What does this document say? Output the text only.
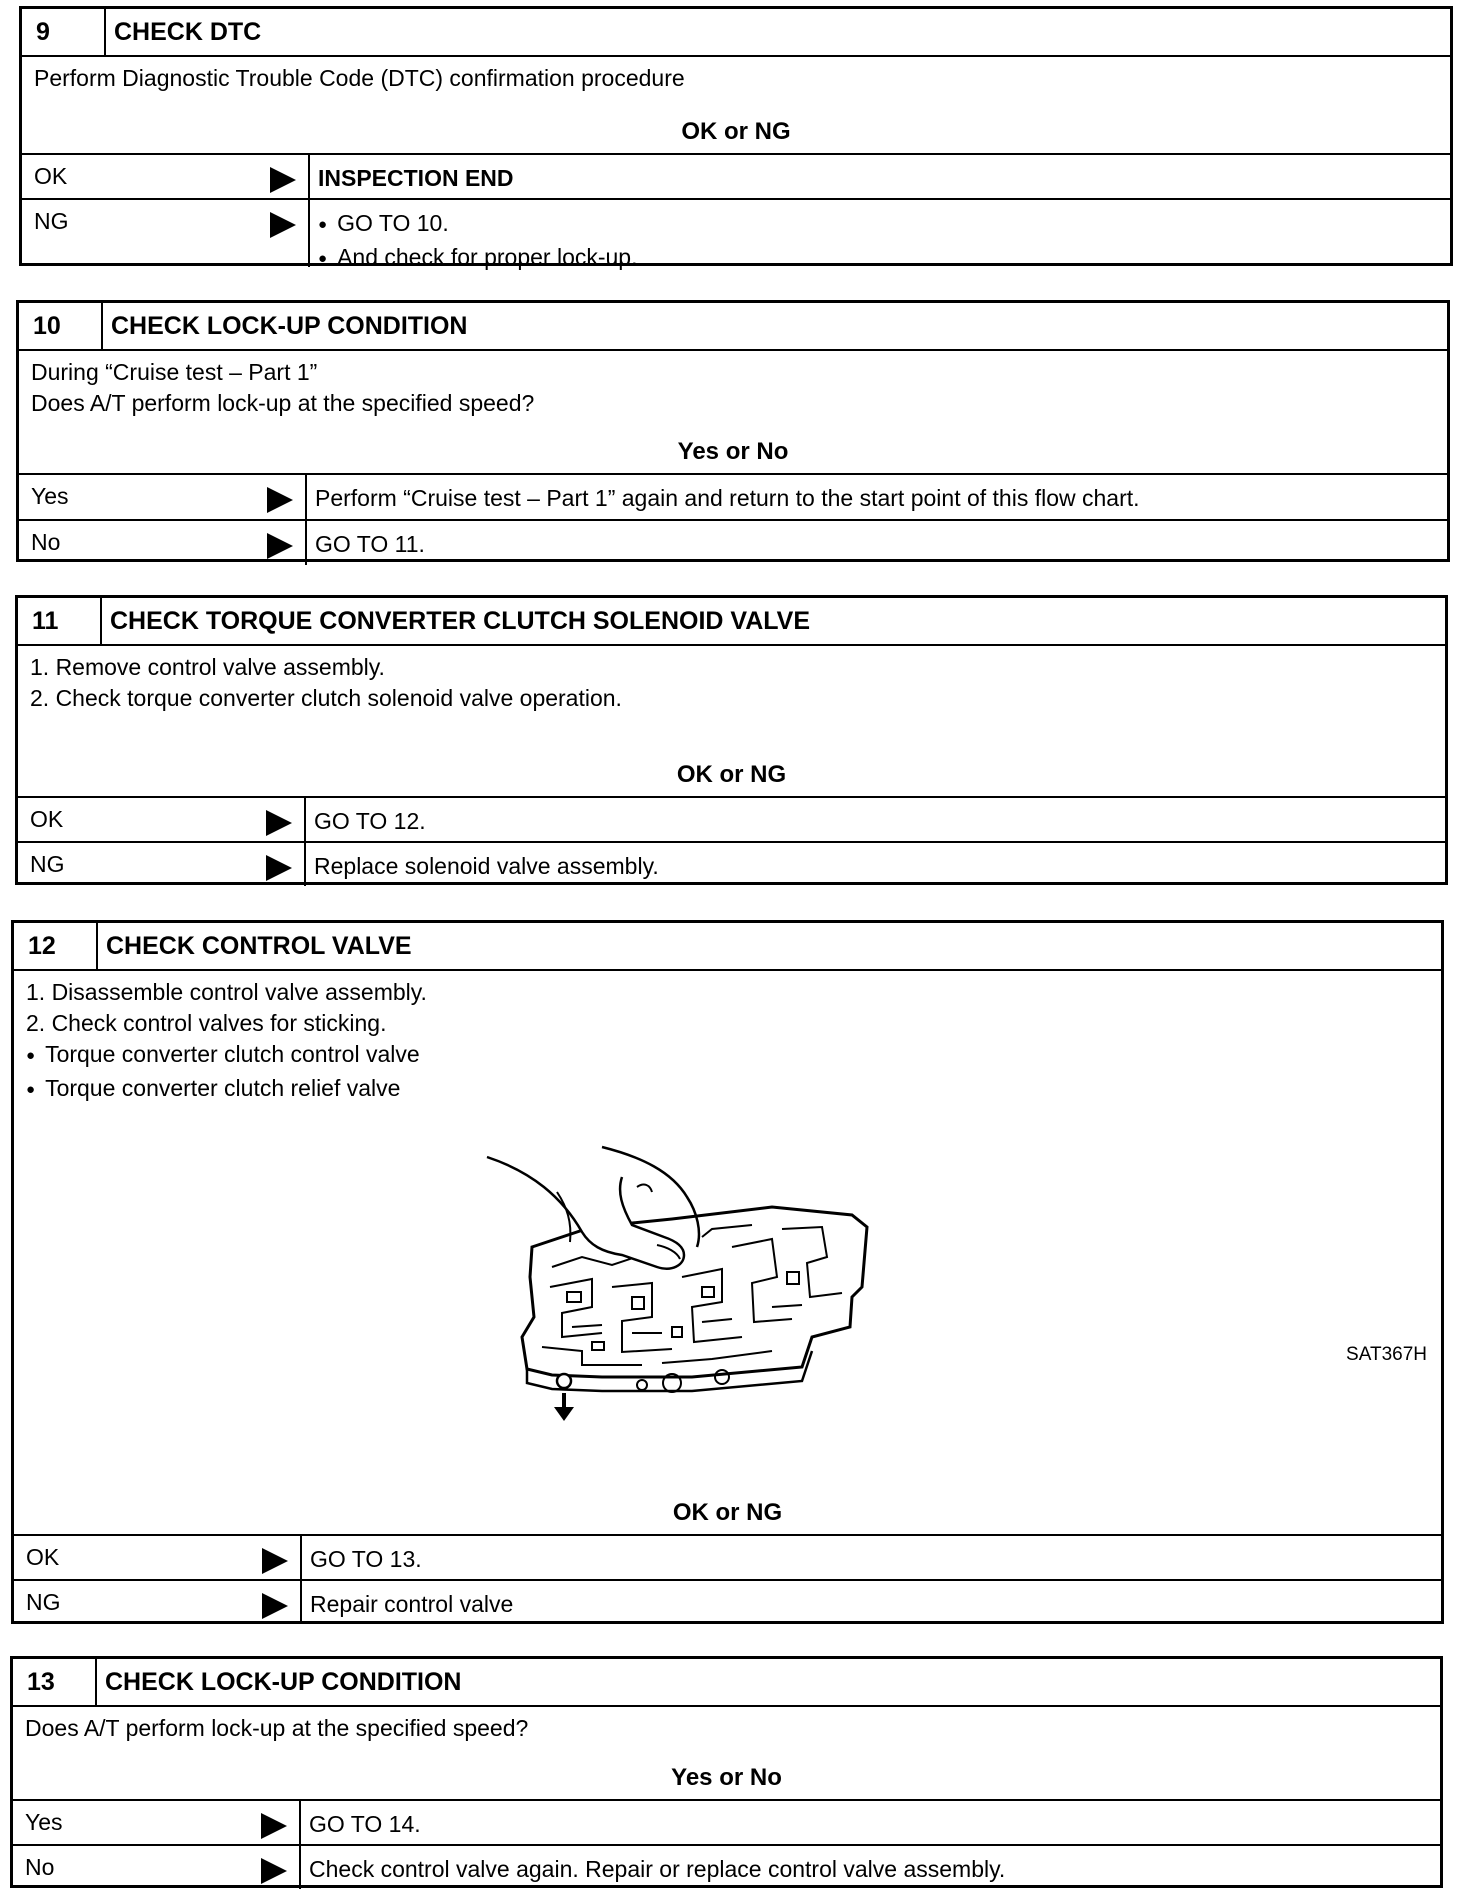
9	CHECK DTC
Perform Diagnostic Trouble Code (DTC) confirmation procedure
OK or NG
OK	INSPECTION END
NG
●	GO TO 10.
● And check for proper lock-up.
10	CHECK LOCK-UP CONDITION
During “Cruise test – Part 1”
Does A/T perform lock-up at the specified speed?
Yes or No
Yes	Perform “Cruise test – Part 1” again and return to the start point of this flow chart.
No	GO TO 11.
11	CHECK TORQUE CONVERTER CLUTCH SOLENOID VALVE
1. Remove control valve assembly.
2. Check torque converter clutch solenoid valve operation.
OK or NG
OK	GO TO 12.
NG	Replace solenoid valve assembly.
12	CHECK CONTROL VALVE
1. Disassemble control valve assembly.
2. Check control valves for sticking.
● Torque converter clutch control valve
● Torque converter clutch relief valve
SAT367H
OK or NG
OK	GO TO 13.
NG	Repair control valve
13	CHECK LOCK-UP CONDITION
Does A/T perform lock-up at the specified speed?
Yes or No
Yes	GO TO 14.
No	Check control valve again. Repair or replace control valve assembly.
